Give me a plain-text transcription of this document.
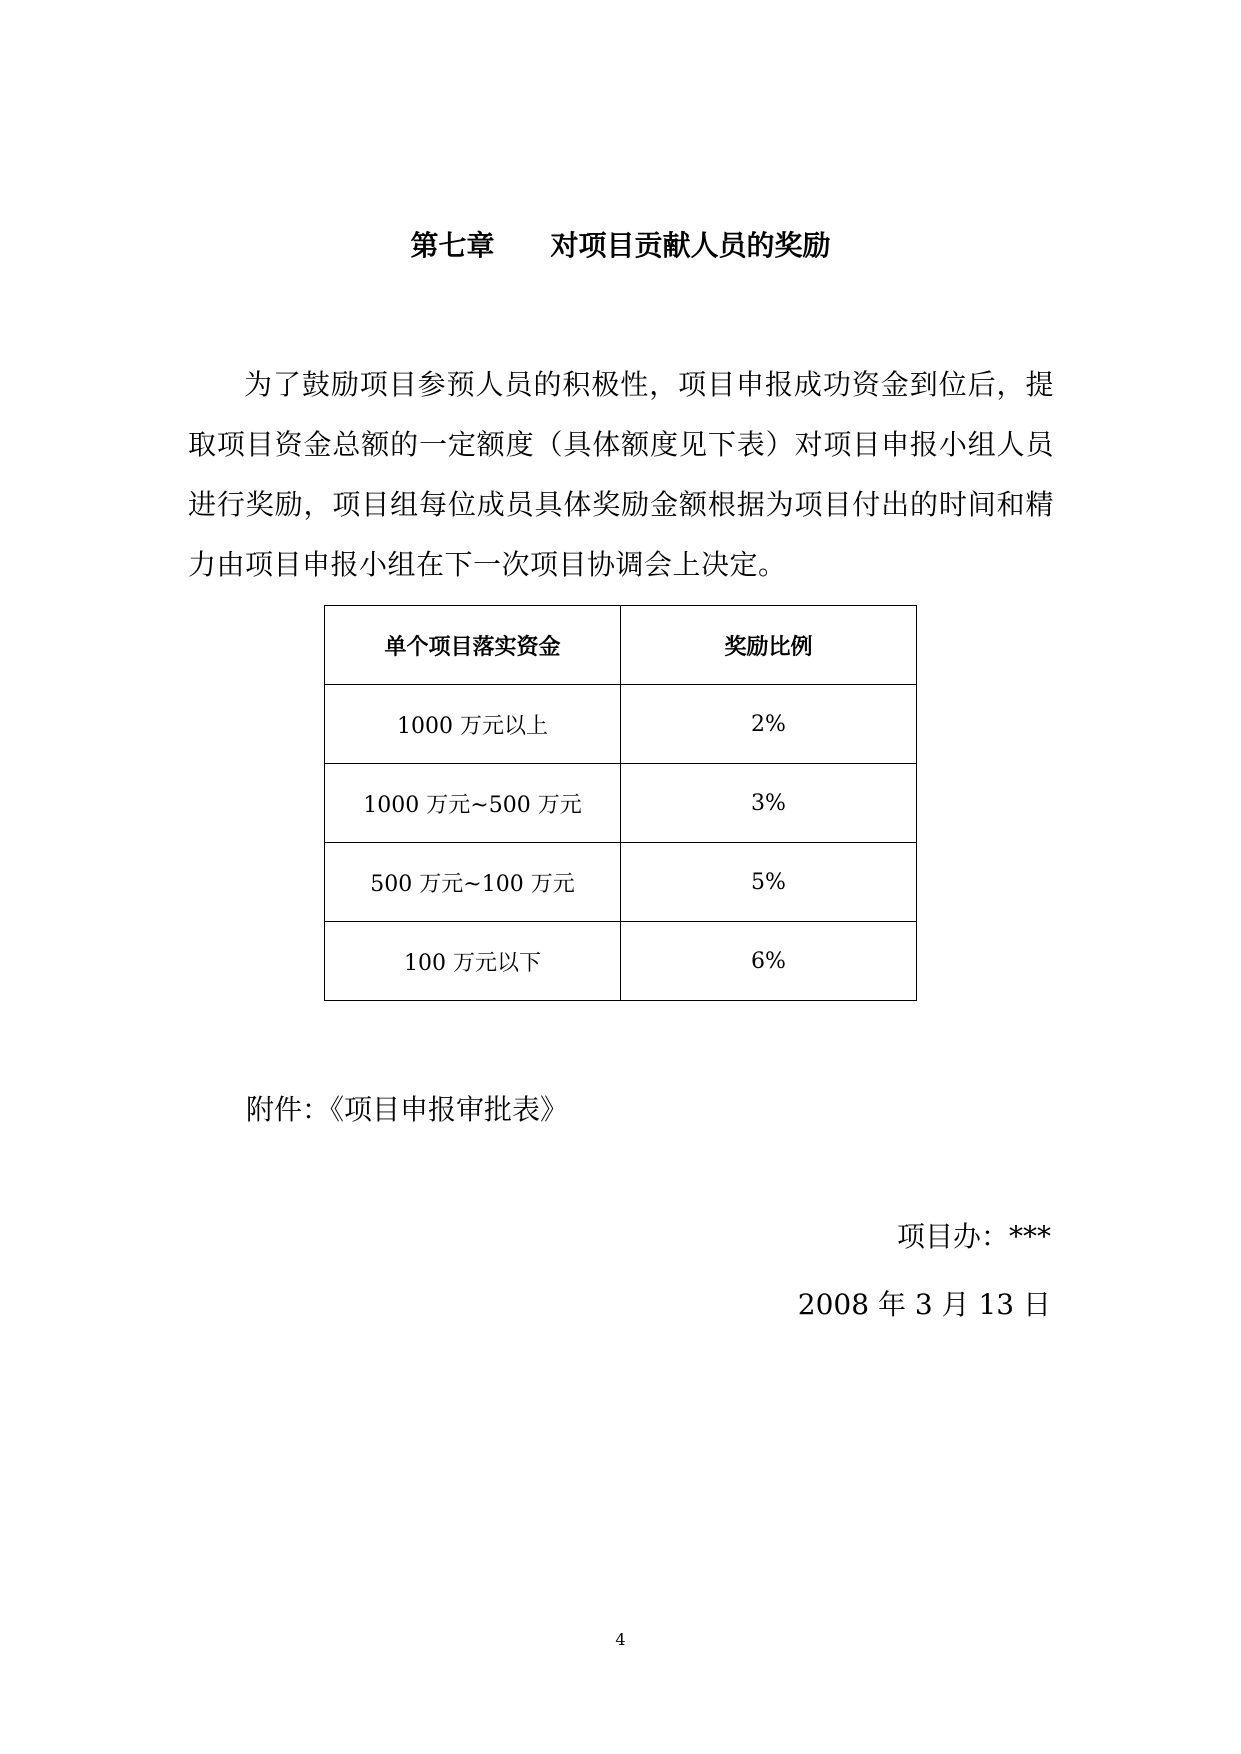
第七章 对项目贡献人员的奖励

为了鼓励项目参预人员的积极性，项目申报成功资金到位后，提取项目资金总额的一定额度（具体额度见下表）对项目申报小组人员进行奖励，项目组每位成员具体奖励金额根据为项目付出的时间和精力由项目申报小组在下一次项目协调会上决定。

单个项目落实资金	奖励比例
1000 万元以上	2%
1000 万元~500 万元	3%
500 万元~100 万元	5%
100 万元以下	6%
附件：《项目申报审批表》
项目办：***
2008 年 3 月 13 日
4
